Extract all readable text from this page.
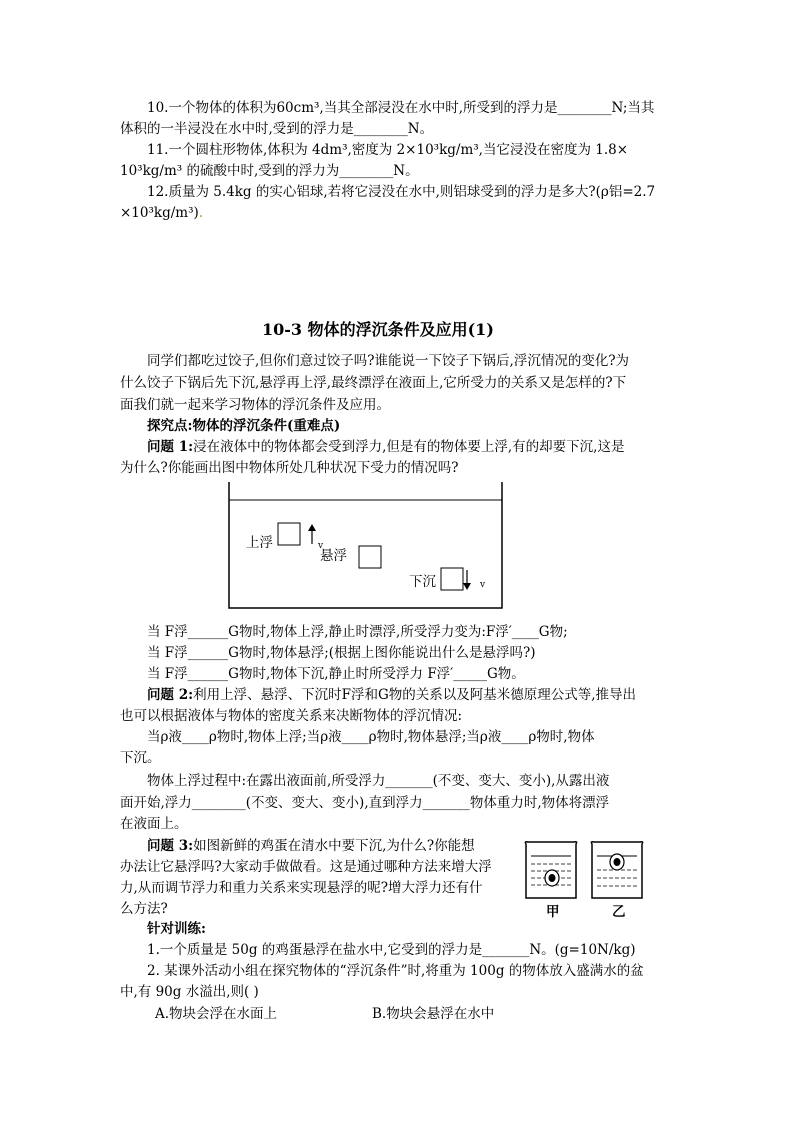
10.一个物体的体积为60cm³,当其全部浸没在水中时,所受到的浮力是________N;当其
体积的一半浸没在水中时,受到的浮力是________N。
11.一个圆柱形物体,体积为 4dm³,密度为 2×10³kg/m³,当它浸没在密度为 1.8×
10³kg/m³ 的硫酸中时,受到的浮力为________N。
12.质量为 5.4kg 的实心铝球,若将它浸没在水中,则铝球受到的浮力是多大?(ρ铝=2.7
×10³kg/m³).
10-3 物体的浮沉条件及应用(1)
同学们都吃过饺子,但你们意过饺子吗?谁能说一下饺子下锅后,浮沉情况的变化?为
什么饺子下锅后先下沉,悬浮再上浮,最终漂浮在液面上,它所受力的关系又是怎样的?下
面我们就一起来学习物体的浮沉条件及应用。
探究点:物体的浮沉条件(重难点)
问题 1:浸在液体中的物体都会受到浮力,但是有的物体要上浮,有的却要下沉,这是
为什么?你能画出图中物体所处几种状况下受力的情况吗?
上浮	v
悬浮
下沉	v
当 F浮______G物时,物体上浮,静止时漂浮,所受浮力变为:F浮′____G物;
当 F浮______G物时,物体悬浮;(根据上图你能说出什么是悬浮吗?)
当 F浮______G物时,物体下沉,静止时所受浮力 F浮′_____G物。
问题 2:利用上浮、悬浮、下沉时F浮和G物的关系以及阿基米德原理公式等,推导出
也可以根据液体与物体的密度关系来决断物体的浮沉情况:
当ρ液____ρ物时,物体上浮;当ρ液____ρ物时,物体悬浮;当ρ液____ρ物时,物体
下沉。
物体上浮过程中:在露出液面前,所受浮力_______(不变、变大、变小),从露出液
面开始,浮力________(不变、变大、变小),直到浮力_______物体重力时,物体将漂浮
在液面上。
问题 3:如图新鲜的鸡蛋在清水中要下沉,为什么?你能想
办法让它悬浮吗?大家动手做做看。这是通过哪种方法来增大浮
力,从而调节浮力和重力关系来实现悬浮的呢?增大浮力还有什
么方法?	甲	乙
针对训练:
1.一个质量是 50g 的鸡蛋悬浮在盐水中,它受到的浮力是_______N。(g=10N/kg)
2. 某课外活动小组在探究物体的“浮沉条件”时,将重为 100g 的物体放入盛满水的盆
中,有 90g 水溢出,则( )
A.物块会浮在水面上	B.物块会悬浮在水中
